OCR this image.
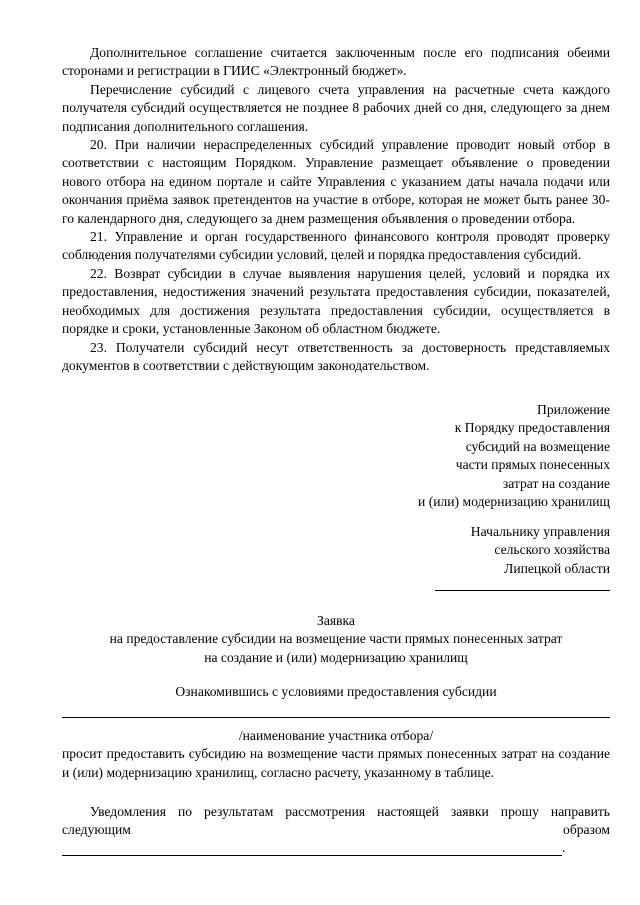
Дополнительное соглашение считается заключенным после его подписания обеими сторонами и регистрации в ГИИС «Электронный бюджет».

Перечисление субсидий с лицевого счета управления на расчетные счета каждого получателя субсидий осуществляется не позднее 8 рабочих дней со дня, следующего за днем подписания дополнительного соглашения.

20. При наличии нераспределенных субсидий управление проводит новый отбор в соответствии с настоящим Порядком. Управление размещает объявление о проведении нового отбора на едином портале и сайте Управления с указанием даты начала подачи или окончания приёма заявок претендентов на участие в отборе, которая не может быть ранее 30-го календарного дня, следующего за днем размещения объявления о проведении отбора.

21. Управление и орган государственного финансового контроля проводят проверку соблюдения получателями субсидии условий, целей и порядка предоставления субсидий.

22. Возврат субсидии в случае выявления нарушения целей, условий и порядка их предоставления, недостижения значений результата предоставления субсидии, показателей, необходимых для достижения результата предоставления субсидии, осуществляется в порядке и сроки, установленные Законом об областном бюджете.

23. Получатели субсидий несут ответственность за достоверность представляемых документов в соответствии с действующим законодательством.

Приложение

к Порядку предоставления

субсидий на возмещение

части прямых понесенных

затрат на создание

и (или) модернизацию хранилищ

Начальнику управления

сельского хозяйства

Липецкой области

Заявка

на предоставление субсидии на возмещение части прямых понесенных затрат

на создание и (или) модернизацию хранилищ

Ознакомившись с условиями предоставления субсидии

/наименование участника отбора/

просит предоставить субсидию на возмещение части прямых понесенных затрат на создание и (или) модернизацию хранилищ, согласно расчету, указанному в таблице.

Уведомления по результатам рассмотрения настоящей заявки прошу направить следующим образом

.
